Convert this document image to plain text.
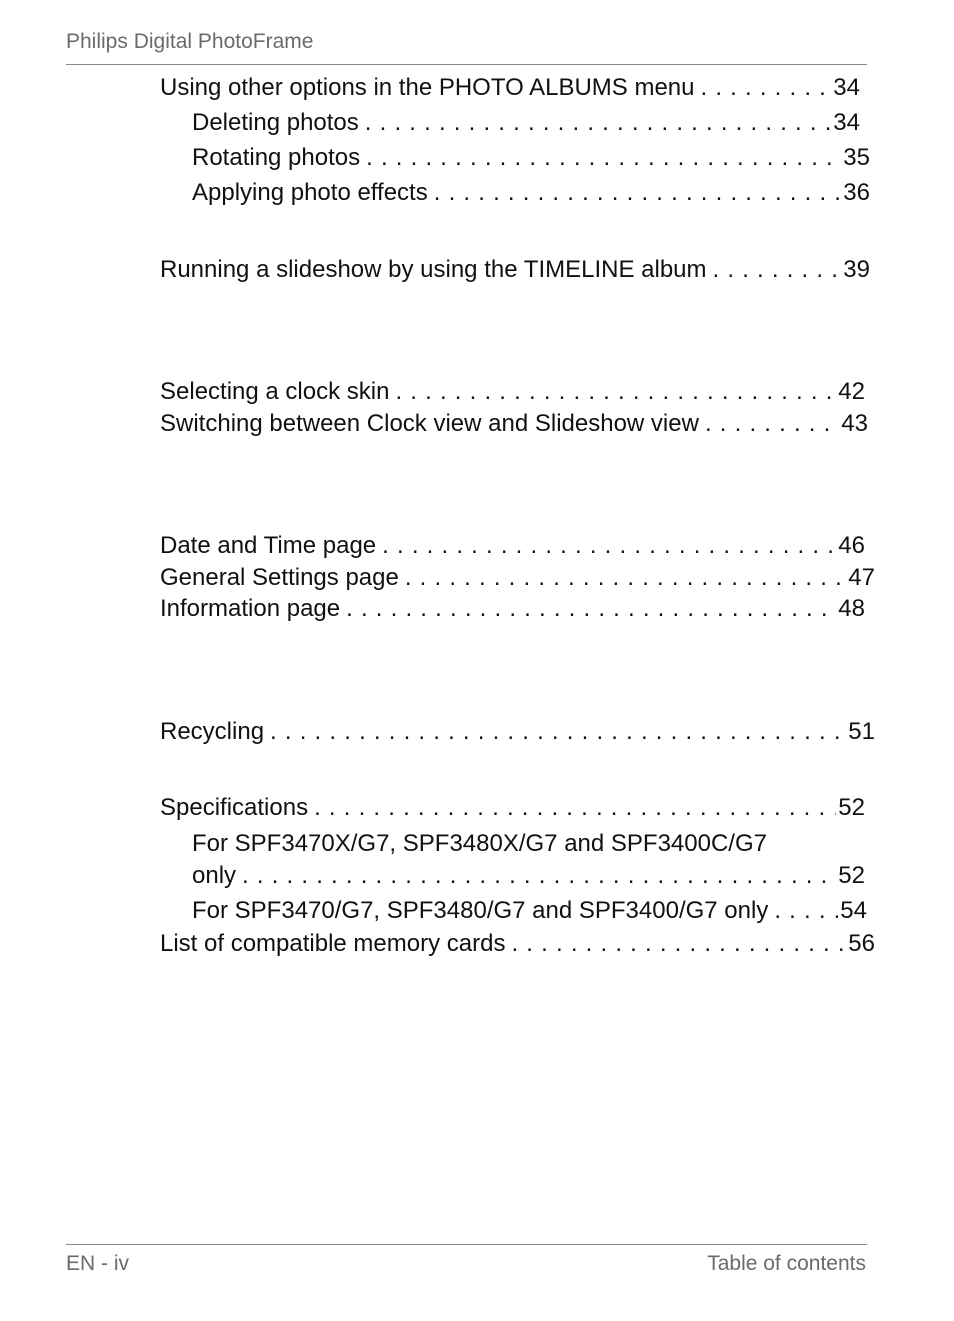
Philips Digital PhotoFrame
Using other options in the PHOTO ALBUMS menu . . .	34
Deleting photos . . .	34
Rotating photos . . .	35
Applying photo effects . . .	36
Running a slideshow by using the TIMELINE album . . .	39
Selecting a clock skin . . .	42
Switching between Clock view and Slideshow view . . .	43
Date and Time page . . .	46
General Settings page . . .	47
Information page . . .	48
Recycling . . .	51
Specifications . . .	52
For SPF3470X/G7, SPF3480X/G7 and SPF3400C/G7
only . . .	52
For SPF3470/G7, SPF3480/G7 and SPF3400/G7 only . . .	54
List of compatible memory cards . . .	56
EN - iv	Table of contents
